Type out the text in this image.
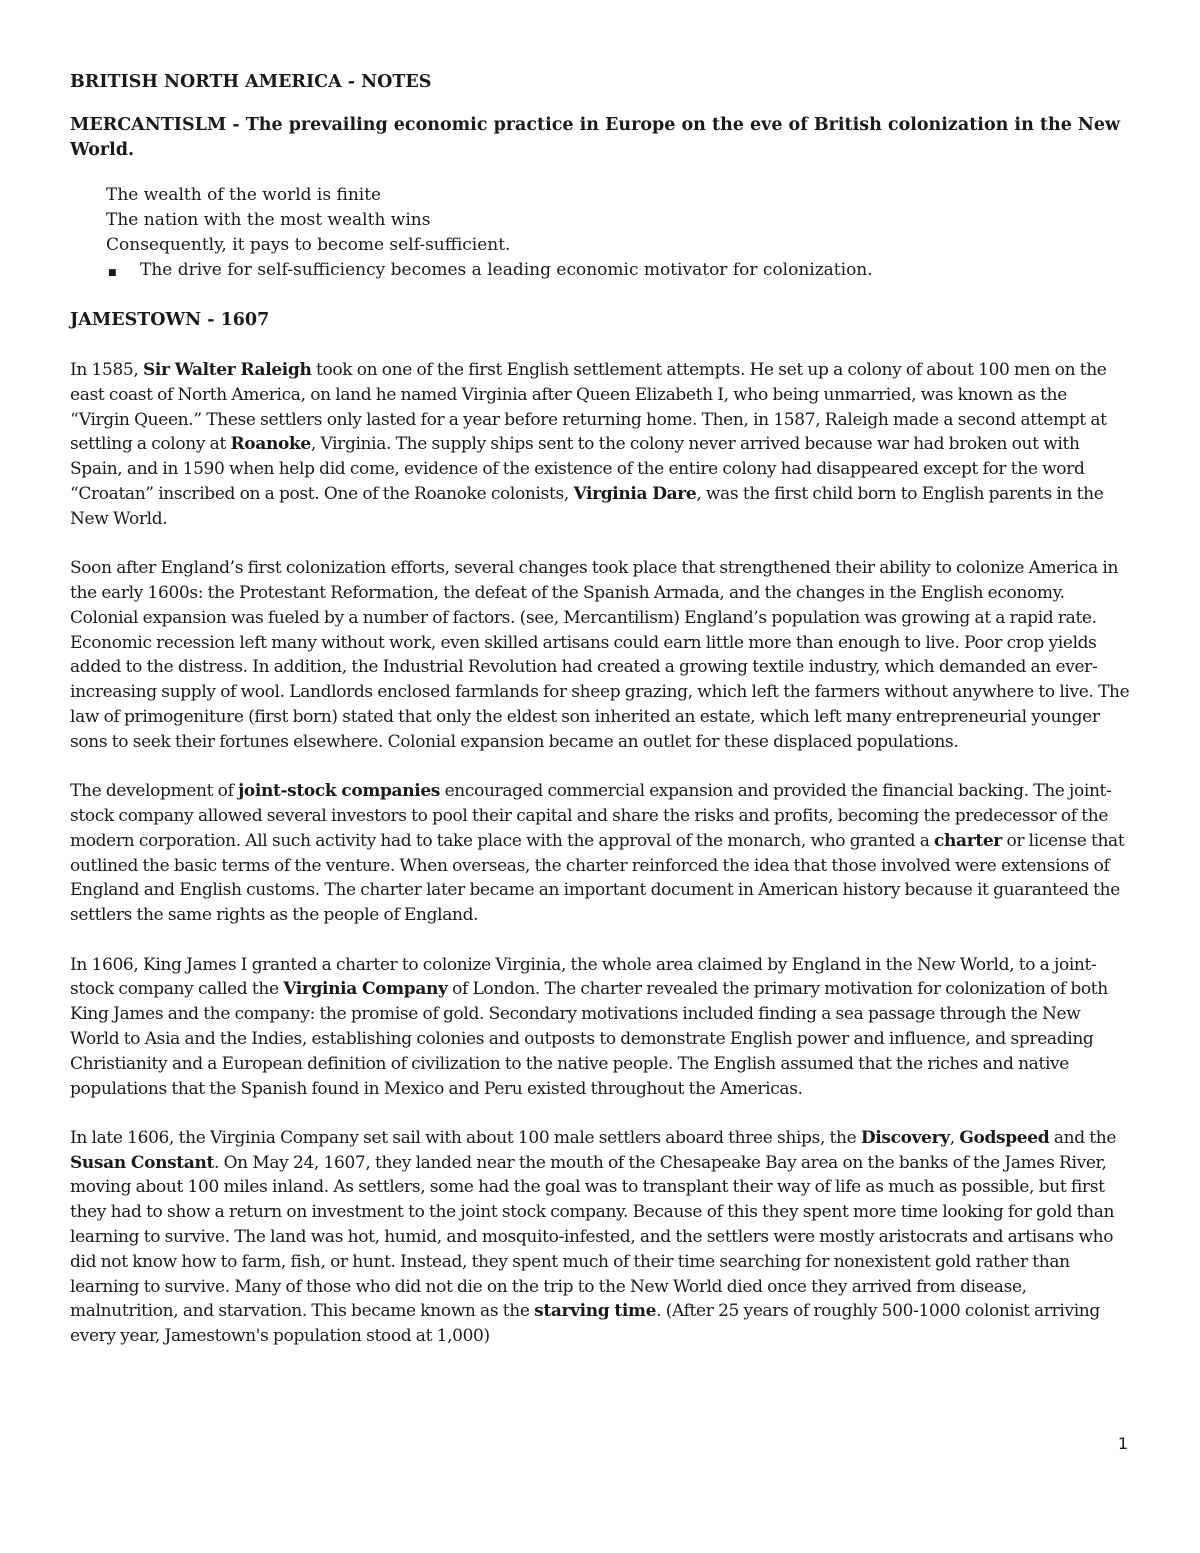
BRITISH NORTH AMERICA - NOTES
MERCANTISLM - The prevailing economic practice in Europe on the eve of British colonization in the New World.
The wealth of the world is finite
The nation with the most wealth wins
Consequently, it pays to become self-sufficient.
■	The drive for self-sufficiency becomes a leading economic motivator for colonization.
JAMESTOWN - 1607

In 1585, Sir Walter Raleigh took on one of the first English settlement attempts. He set up a colony of about 100 men on the east coast of North America, on land he named Virginia after Queen Elizabeth I, who being unmarried, was known as the “Virgin Queen.” These settlers only lasted for a year before returning home. Then, in 1587, Raleigh made a second attempt at settling a colony at Roanoke, Virginia. The supply ships sent to the colony never arrived because war had broken out with Spain, and in 1590 when help did come, evidence of the existence of the entire colony had disappeared except for the word “Croatan” inscribed on a post. One of the Roanoke colonists, Virginia Dare, was the first child born to English parents in the New World.

Soon after England’s first colonization efforts, several changes took place that strengthened their ability to colonize America in the early 1600s: the Protestant Reformation, the defeat of the Spanish Armada, and the changes in the English economy. Colonial expansion was fueled by a number of factors. (see, Mercantilism) England’s population was growing at a rapid rate. Economic recession left many without work, even skilled artisans could earn little more than enough to live. Poor crop yields added to the distress. In addition, the Industrial Revolution had created a growing textile industry, which demanded an ever-increasing supply of wool. Landlords enclosed farmlands for sheep grazing, which left the farmers without anywhere to live. The law of primogeniture (first born) stated that only the eldest son inherited an estate, which left many entrepreneurial younger sons to seek their fortunes elsewhere. Colonial expansion became an outlet for these displaced populations.

The development of joint-stock companies encouraged commercial expansion and provided the financial backing. The joint-stock company allowed several investors to pool their capital and share the risks and profits, becoming the predecessor of the modern corporation. All such activity had to take place with the approval of the monarch, who granted a charter or license that outlined the basic terms of the venture. When overseas, the charter reinforced the idea that those involved were extensions of England and English customs. The charter later became an important document in American history because it guaranteed the settlers the same rights as the people of England.

In 1606, King James I granted a charter to colonize Virginia, the whole area claimed by England in the New World, to a joint-stock company called the Virginia Company of London. The charter revealed the primary motivation for colonization of both King James and the company: the promise of gold. Secondary motivations included finding a sea passage through the New World to Asia and the Indies, establishing colonies and outposts to demonstrate English power and influence, and spreading Christianity and a European definition of civilization to the native people. The English assumed that the riches and native populations that the Spanish found in Mexico and Peru existed throughout the Americas.

In late 1606, the Virginia Company set sail with about 100 male settlers aboard three ships, the Discovery, Godspeed and the Susan Constant. On May 24, 1607, they landed near the mouth of the Chesapeake Bay area on the banks of the James River, moving about 100 miles inland. As settlers, some had the goal was to transplant their way of life as much as possible, but first they had to show a return on investment to the joint stock company. Because of this they spent more time looking for gold than learning to survive. The land was hot, humid, and mosquito-infested, and the settlers were mostly aristocrats and artisans who did not know how to farm, fish, or hunt. Instead, they spent much of their time searching for nonexistent gold rather than learning to survive. Many of those who did not die on the trip to the New World died once they arrived from disease, malnutrition, and starvation. This became known as the starving time. (After 25 years of roughly 500-1000 colonist arriving every year, Jamestown's population stood at 1,000)

1
